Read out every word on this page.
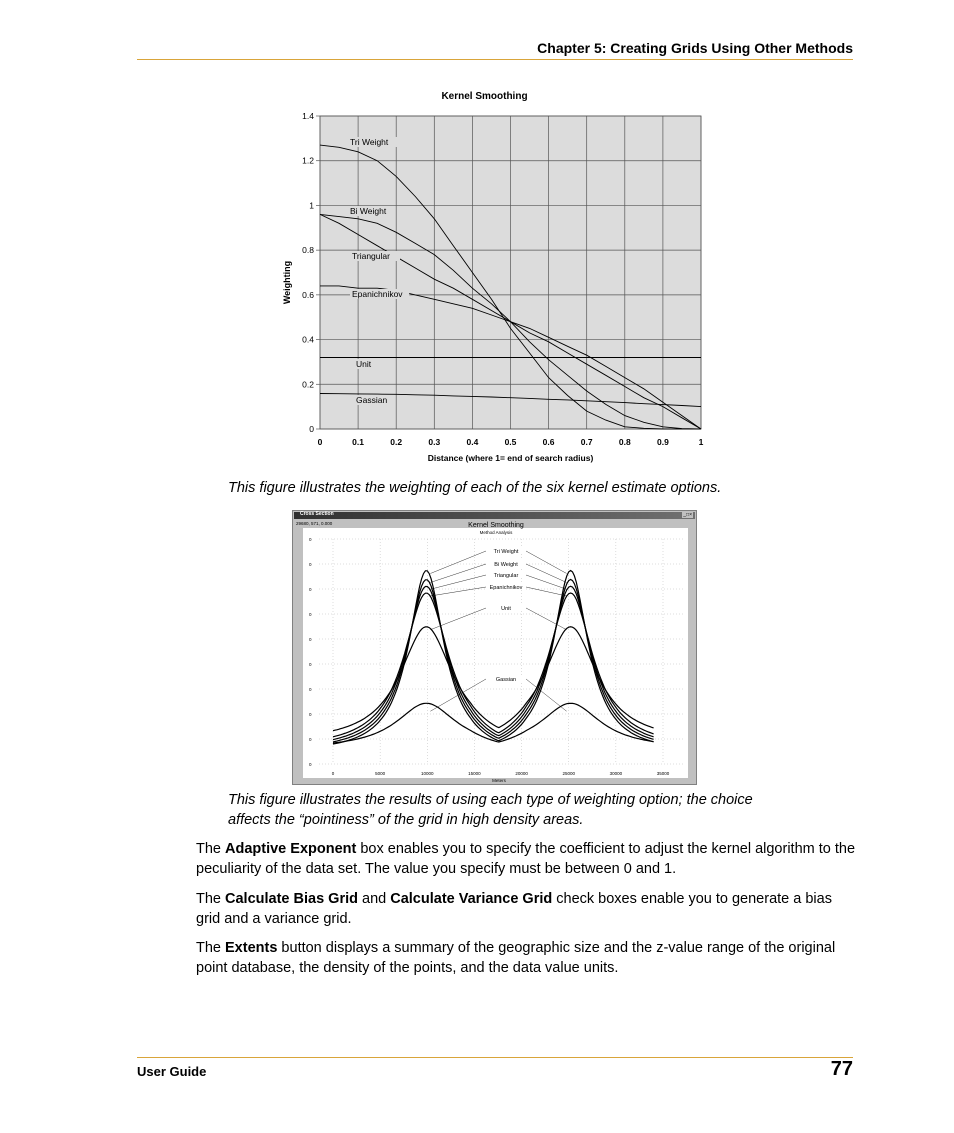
Chapter 5: Creating Grids Using Other Methods
0	0.1	0.2	0.3	0.4	0.5	0.6	0.7	0.8	0.9	1
0
0.2
0.4
0.6
0.8
1
1.2
1.4
Kernel Smoothing
Distance (where 1= end of search radius)
Weighting
Tri Weight
Bi Weight
Triangular
Epanichnikov
Unit
Gassian
This figure illustrates the weighting of each of the six kernel estimate options.
0	5000	10000	15000	20000	25000	30000	35000
0
0
0
0
0
0
0
0
0
0
Kernel Smoothing
Method Analysis
Meters
Tri Weight
Bi Weight
Triangular
Epanichnikov
Unit
Gassian
Cross Section	_□×
29680, 571, 0.000
This figure illustrates the results of using each type of weighting option; the choice affects the “pointiness” of the grid in high density areas.
The Adaptive Exponent box enables you to specify the coefficient to adjust the kernel algorithm to the peculiarity of the data set. The value you specify must be between 0 and 1.
The Calculate Bias Grid and Calculate Variance Grid check boxes enable you to generate a bias grid and a variance grid.
The Extents button displays a summary of the geographic size and the z-value range of the original point database, the density of the points, and the data value units.
User Guide	77
